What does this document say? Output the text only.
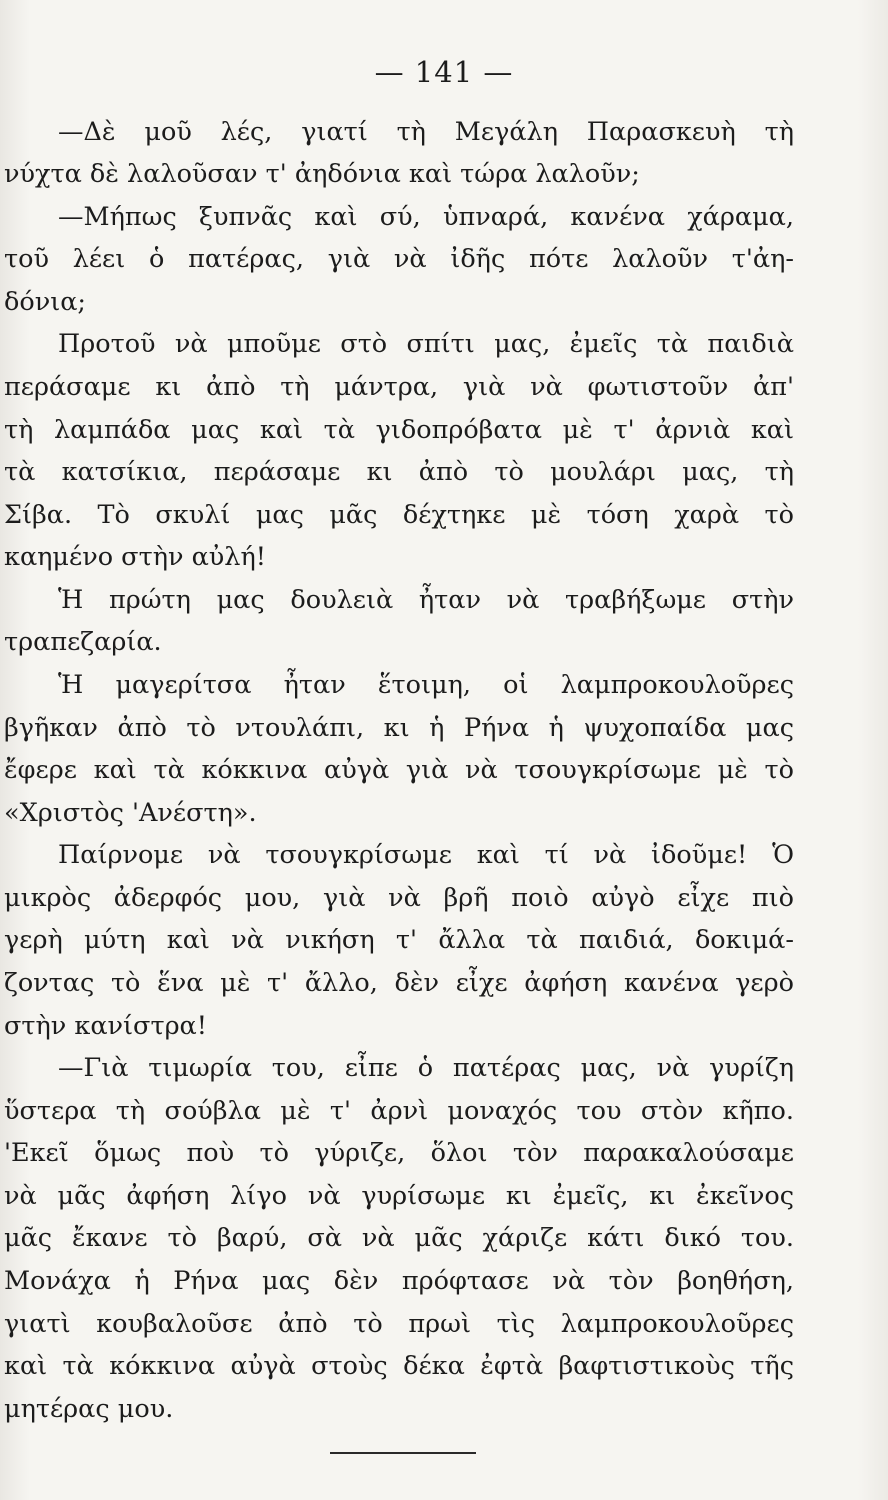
— 141 —
—Δὲ μοῦ λές, γιατί τὴ Μεγάλη Παρασκευὴ τὴ
νύχτα δὲ λαλοῦσαν τ' ἀηδόνια καὶ τώρα λαλοῦν;
—Μήπως ξυπνᾶς καὶ σύ, ὑπναρά, κανένα χάραμα,
τοῦ λέει ὁ πατέρας, γιὰ νὰ ἰδῆς πότε λαλοῦν τ'ἀη-
δόνια;
Προτοῦ νὰ μποῦμε στὸ σπίτι μας, ἐμεῖς τὰ παιδιὰ
περάσαμε κι ἀπὸ τὴ μάντρα, γιὰ νὰ φωτιστοῦν ἀπ'
τὴ λαμπάδα μας καὶ τὰ γιδοπρόβατα μὲ τ' ἀρνιὰ καὶ
τὰ κατσίκια, περάσαμε κι ἀπὸ τὸ μουλάρι μας, τὴ
Σίβα. Τὸ σκυλί μας μᾶς δέχτηκε μὲ τόση χαρὰ τὸ
καημένο στὴν αὐλή!
Ἡ πρώτη μας δουλειὰ ἦταν νὰ τραβήξωμε στὴν
τραπεζαρία.
Ἡ μαγερίτσα ἦταν ἕτοιμη, οἱ λαμπροκουλοῦρες
βγῆκαν ἀπὸ τὸ ντουλάπι, κι ἡ Ρήνα ἡ ψυχοπαίδα μας
ἔφερε καὶ τὰ κόκκινα αὐγὰ γιὰ νὰ τσουγκρίσωμε μὲ τὸ
«Χριστὸς 'Ανέστη».
Παίρνομε νὰ τσουγκρίσωμε καὶ τί νὰ ἰδοῦμε! Ὁ
μικρὸς ἀδερφός μου, γιὰ νὰ βρῆ ποιὸ αὐγὸ εἶχε πιὸ
γερὴ μύτη καὶ νὰ νικήση τ' ἄλλα τὰ παιδιά, δοκιμά-
ζοντας τὸ ἕνα μὲ τ' ἄλλο, δὲν εἶχε ἀφήση κανένα γερὸ
στὴν κανίστρα!
—Γιὰ τιμωρία του, εἶπε ὁ πατέρας μας, νὰ γυρίζη
ὕστερα τὴ σούβλα μὲ τ' ἀρνὶ μοναχός του στὸν κῆπο.
'Εκεῖ ὅμως ποὺ τὸ γύριζε, ὅλοι τὸν παρακαλούσαμε
νὰ μᾶς ἀφήση λίγο νὰ γυρίσωμε κι ἐμεῖς, κι ἐκεῖνος
μᾶς ἔκανε τὸ βαρύ, σὰ νὰ μᾶς χάριζε κάτι δικό του.
Μονάχα ἡ Ρήνα μας δὲν πρόφτασε νὰ τὸν βοηθήση,
γιατὶ κουβαλοῦσε ἀπὸ τὸ πρωὶ τὶς λαμπροκουλοῦρες
καὶ τὰ κόκκινα αὐγὰ στοὺς δέκα ἐφτὰ βαφτιστικοὺς τῆς
μητέρας μου.
